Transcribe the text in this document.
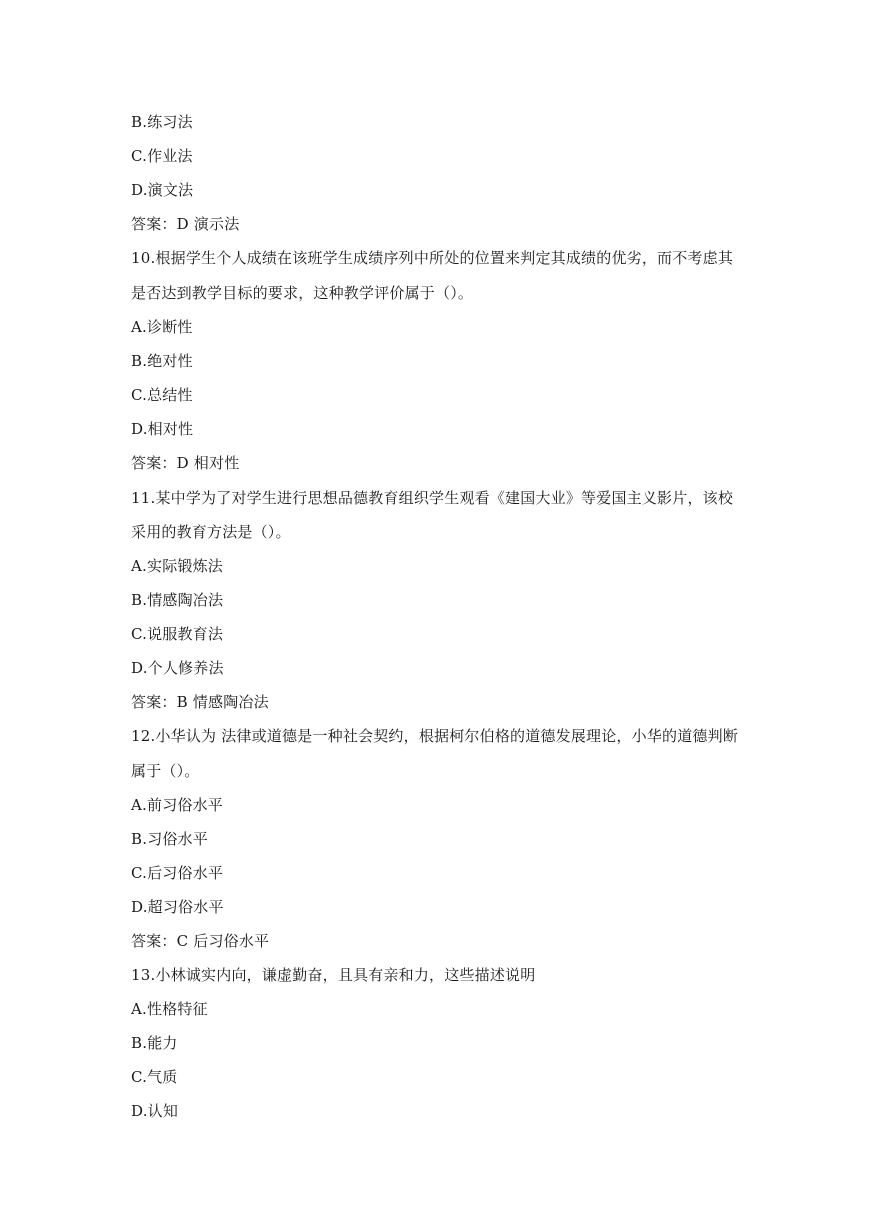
B.练习法
C.作业法
D.演文法
答案：D 演示法
10.根据学生个人成绩在该班学生成绩序列中所处的位置来判定其成绩的优劣，而不考虑其
是否达到教学目标的要求，这种教学评价属于（）。
A.诊断性
B.绝对性
C.总结性
D.相对性
答案：D 相对性
11.某中学为了对学生进行思想品德教育组织学生观看《建国大业》等爱国主义影片，该校
采用的教育方法是（）。
A.实际锻炼法
B.情感陶冶法
C.说服教育法
D.个人修养法
答案：B 情感陶冶法
12.小华认为 法律或道德是一种社会契约，根据柯尔伯格的道德发展理论，小华的道德判断
属于（）。
A.前习俗水平
B.习俗水平
C.后习俗水平
D.超习俗水平
答案：C 后习俗水平
13.小林诚实内向，谦虚勤奋，且具有亲和力，这些描述说明
A.性格特征
B.能力
C.气质
D.认知
